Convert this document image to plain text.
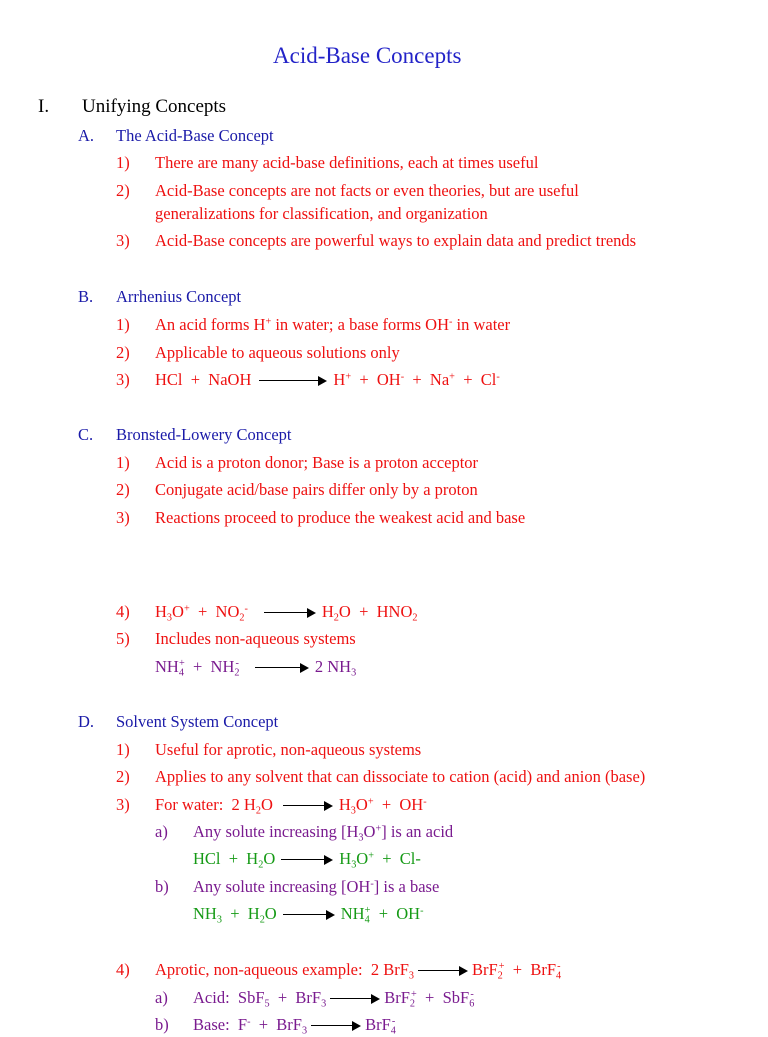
Acid-Base Concepts
I. Unifying Concepts
A. The Acid-Base Concept
1) There are many acid-base definitions, each at times useful
2) Acid-Base concepts are not facts or even theories, but are useful
generalizations for classification, and organization
3) Acid-Base concepts are powerful ways to explain data and predict trends
B. Arrhenius Concept
1) An acid forms H+ in water; a base forms OH- in water
2) Applicable to aqueous solutions only
3) HCl  +  NaOH	H+  +  OH-  +  Na+  +  Cl-
C. Bronsted-Lowery Concept
1) Acid is a proton donor; Base is a proton acceptor
2) Conjugate acid/base pairs differ only by a proton
3) Reactions proceed to produce the weakest acid and base
4) $H_3O^+ + NO_2^-$	$H_2O + HNO_2$
5) Includes non-aqueous systems
$NH_4^+ + NH_2^-$	2 $NH_3$
D. Solvent System Concept
1) Useful for aprotic, non-aqueous systems
2) Applies to any solvent that can dissociate to cation (acid) and anion (base)
3) For water:  2 $H_2O$	$H_3O^+ + OH^-$
a) Any solute increasing $[H_3O^+]$ is an acid
HCl  +  $H_2O$	$H_3O^+ + Cl-$
b) Any solute increasing [OH-] is a base
$NH_3 + H_2O$	$NH_4^+ + OH^-$
4) Aprotic, non-aqueous example:  2 BrF$_3$	BrF$_2$+  +  BrF$_4$-
a) Acid:  SbF$_5$  +  BrF$_3$	BrF$_2$+  +  SbF$_6$-
b) Base:  F-  +  BrF$_3$	BrF$_4$-
